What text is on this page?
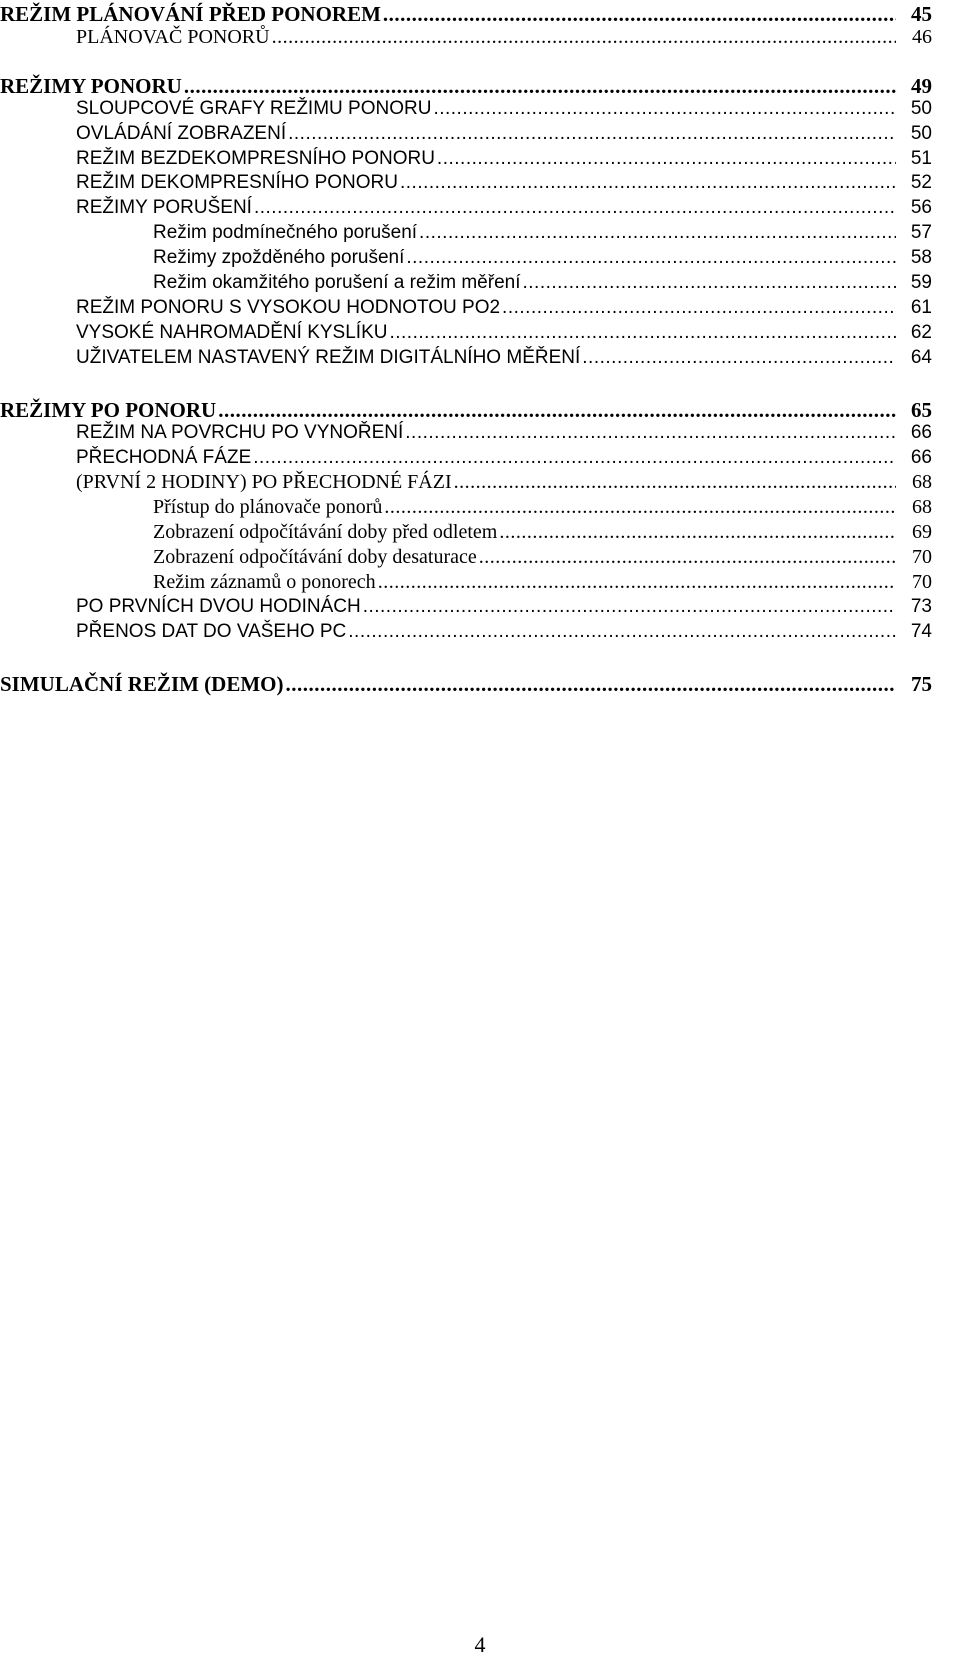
REŽIM PLÁNOVÁNÍ PŘED PONOREM .....	45
PLÁNOVAČ PONORŮ .....	46
REŽIMY PONORU .....	49
SLOUPCOVÉ GRAFY REŽIMU PONORU .....	50
OVLÁDÁNÍ ZOBRAZENÍ .....	50
REŽIM BEZDEKOMPRESNÍHO PONORU .....	51
REŽIM DEKOMPRESNÍHO PONORU .....	52
REŽIMY PORUŠENÍ .....	56
Režim podmínečného porušení .....	57
Režimy zpožděného porušení .....	58
Režim okamžitého porušení a režim měření .....	59
REŽIM PONORU S VYSOKOU HODNOTOU PO2 .....	61
VYSOKÉ NAHROMADĚNÍ KYSLÍKU .....	62
UŽIVATELEM NASTAVENÝ REŽIM DIGITÁLNÍHO MĚŘENÍ .....	64
REŽIMY PO PONORU .....	65
REŽIM NA POVRCHU PO VYNOŘENÍ .....	66
PŘECHODNÁ FÁZE .....	66
(PRVNÍ 2 HODINY) PO PŘECHODNÉ FÁZI .....	68
Přístup do plánovače ponorů .....	68
Zobrazení odpočítávání doby před odletem .....	69
Zobrazení odpočítávání doby desaturace .....	70
Režim záznamů o ponorech .....	70
PO PRVNÍCH DVOU HODINÁCH .....	73
PŘENOS DAT DO VAŠEHO PC .....	74
SIMULAČNÍ REŽIM (DEMO) .....	75
4
